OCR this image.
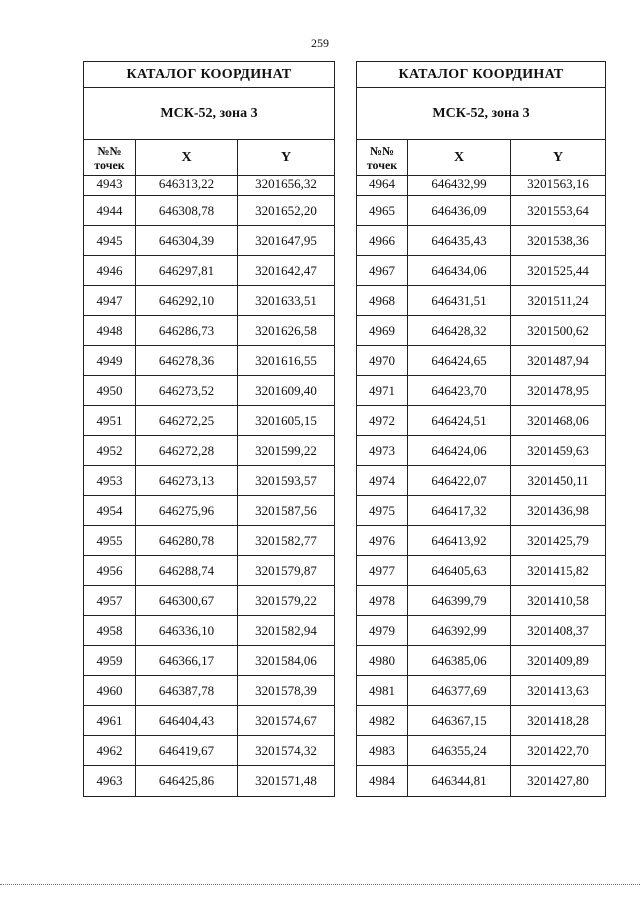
259
КАТАЛОГ КООРДИНАТ		
МСК-52, зона 3		
№№ точек	X	Y
4943	646313,22	3201656,32
4944	646308,78	3201652,20
4945	646304,39	3201647,95
4946	646297,81	3201642,47
4947	646292,10	3201633,51
4948	646286,73	3201626,58
4949	646278,36	3201616,55
4950	646273,52	3201609,40
4951	646272,25	3201605,15
4952	646272,28	3201599,22
4953	646273,13	3201593,57
4954	646275,96	3201587,56
4955	646280,78	3201582,77
4956	646288,74	3201579,87
4957	646300,67	3201579,22
4958	646336,10	3201582,94
4959	646366,17	3201584,06
4960	646387,78	3201578,39
4961	646404,43	3201574,67
4962	646419,67	3201574,32
4963	646425,86	3201571,48
КАТАЛОГ КООРДИНАТ		
МСК-52, зона 3		
№№ точек	X	Y
4964	646432,99	3201563,16
4965	646436,09	3201553,64
4966	646435,43	3201538,36
4967	646434,06	3201525,44
4968	646431,51	3201511,24
4969	646428,32	3201500,62
4970	646424,65	3201487,94
4971	646423,70	3201478,95
4972	646424,51	3201468,06
4973	646424,06	3201459,63
4974	646422,07	3201450,11
4975	646417,32	3201436,98
4976	646413,92	3201425,79
4977	646405,63	3201415,82
4978	646399,79	3201410,58
4979	646392,99	3201408,37
4980	646385,06	3201409,89
4981	646377,69	3201413,63
4982	646367,15	3201418,28
4983	646355,24	3201422,70
4984	646344,81	3201427,80
